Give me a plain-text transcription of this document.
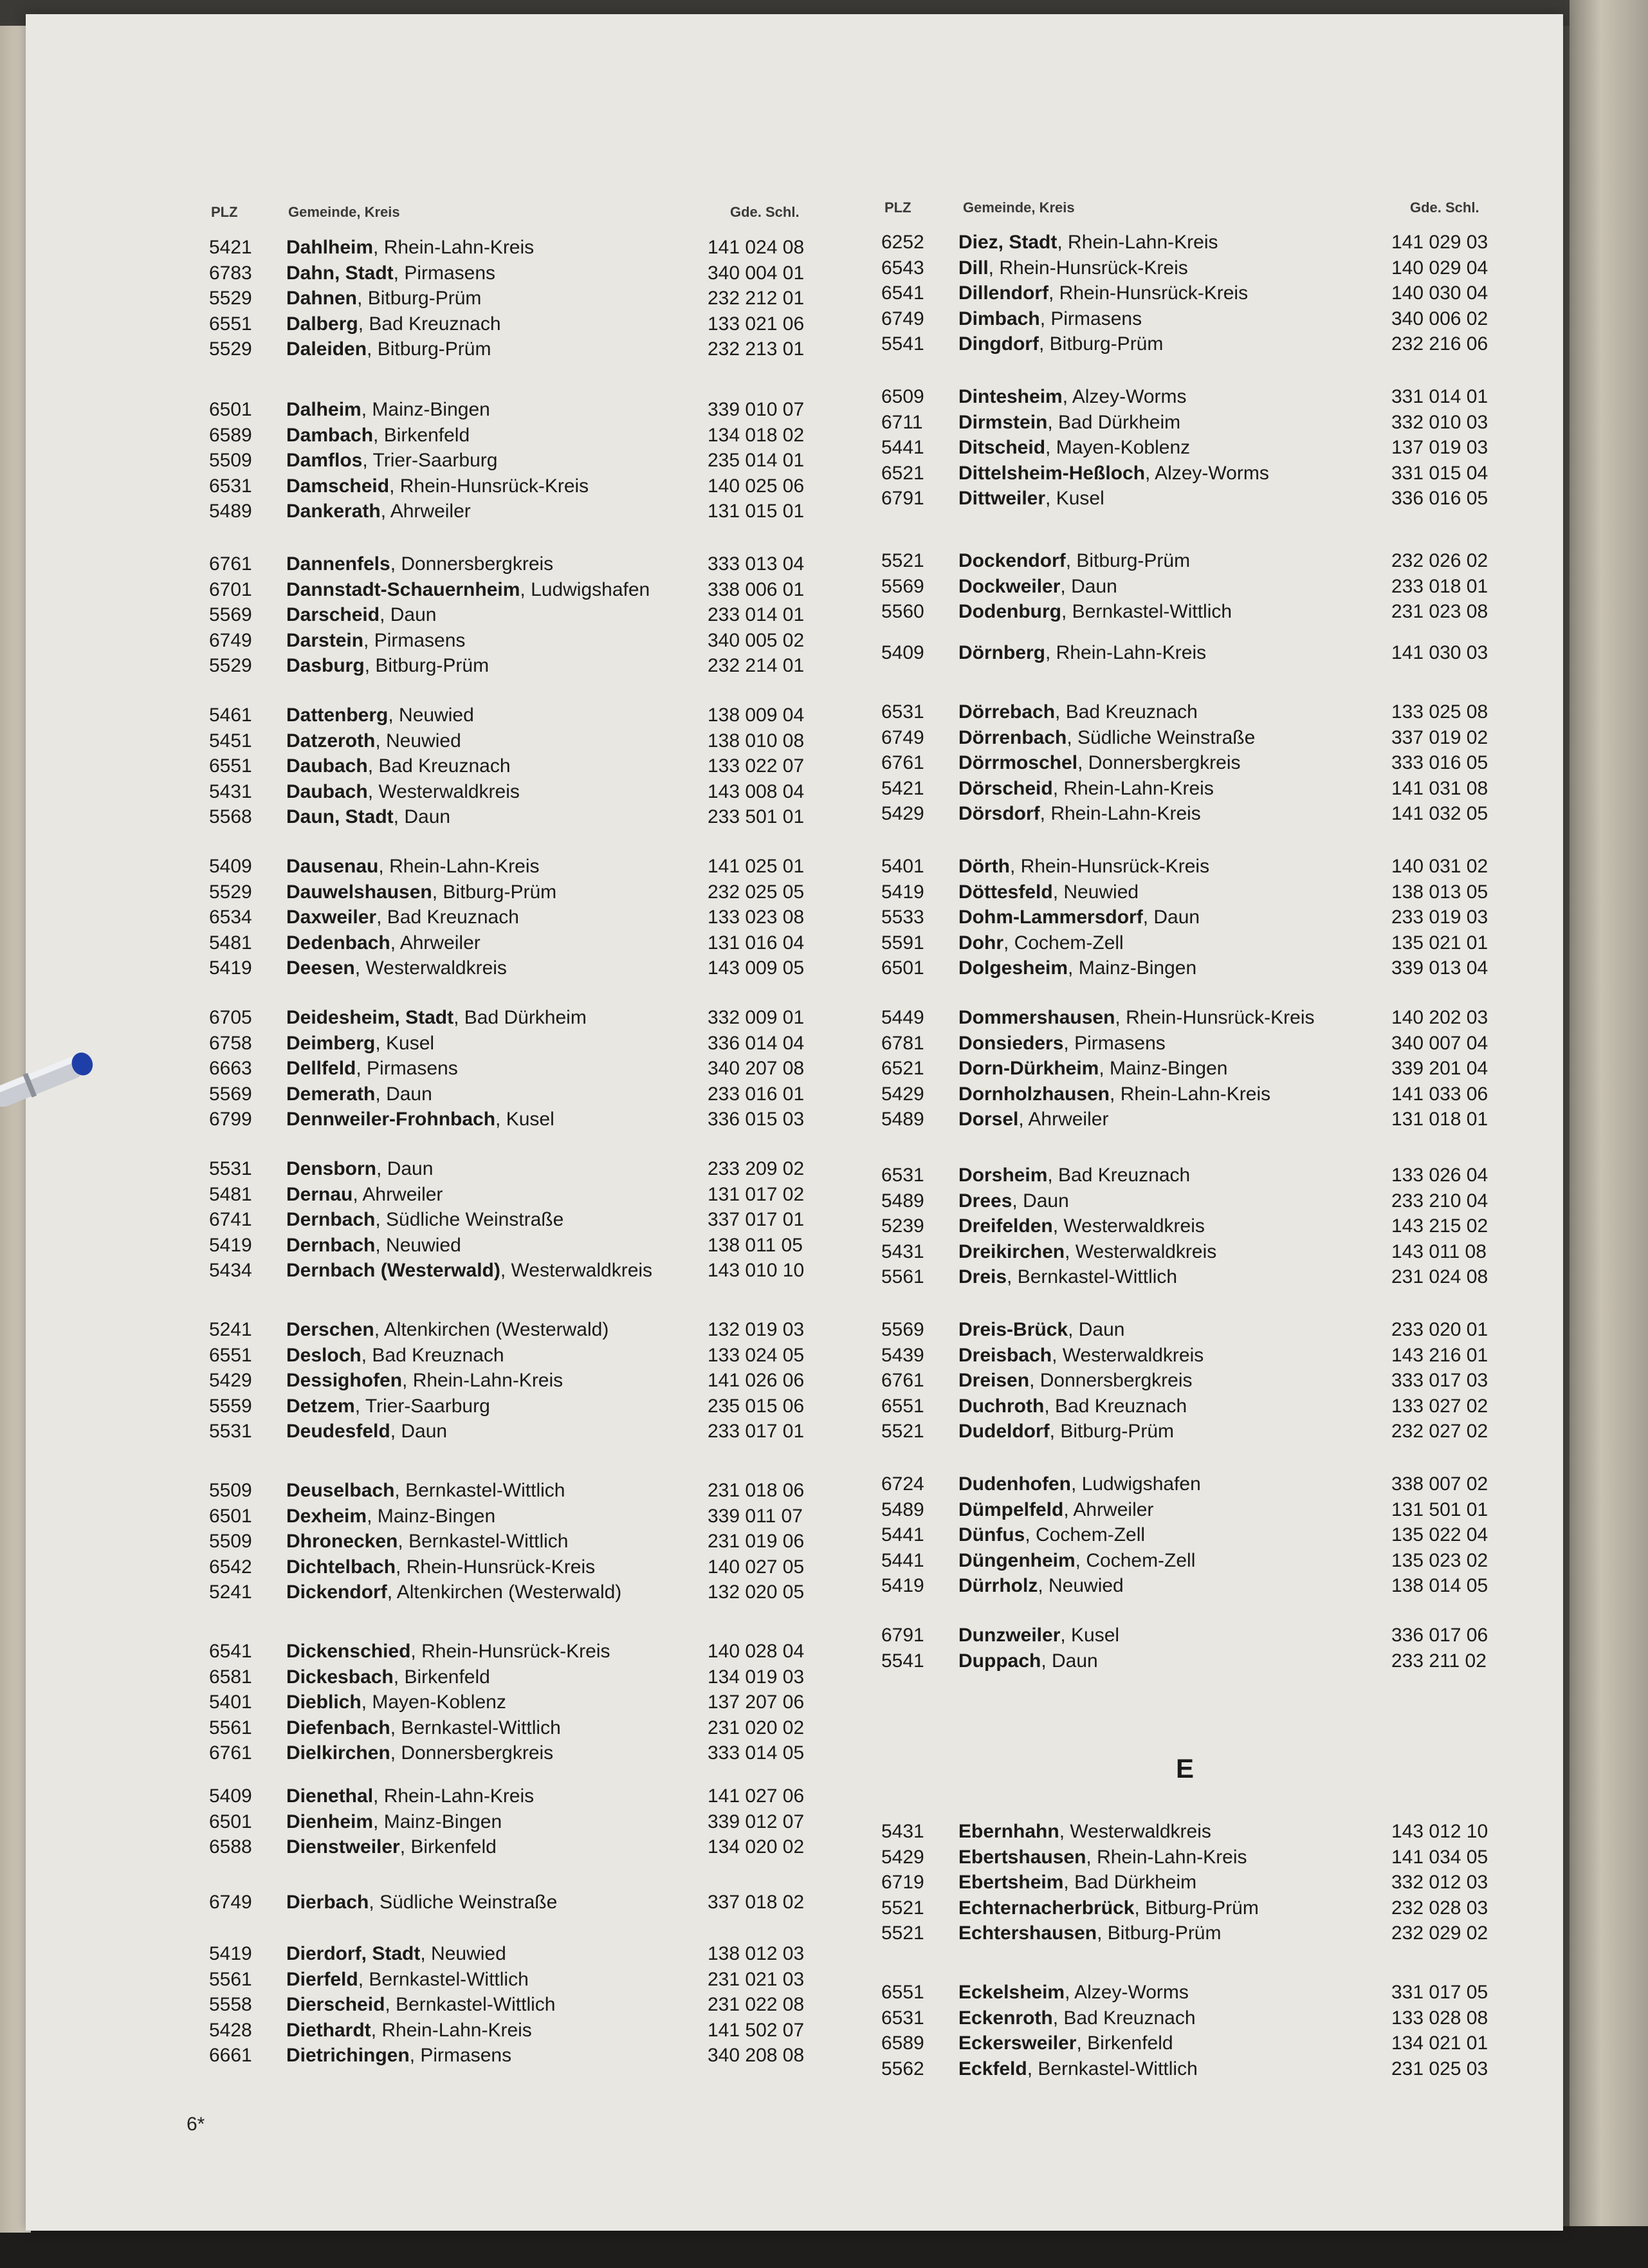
PLZ	Gemeinde, Kreis	Gde. Schl.	PLZ	Gemeinde, Kreis	Gde. Schl.
5421 Dahlheim, Rhein-Lahn-Kreis	141 024 08
6783 Dahn, Stadt, Pirmasens	340 004 01
5529 Dahnen, Bitburg-Prüm	232 212 01
6551 Dalberg, Bad Kreuznach	133 021 06
5529 Daleiden, Bitburg-Prüm	232 213 01
6501 Dalheim, Mainz-Bingen	339 010 07
6589 Dambach, Birkenfeld	134 018 02
5509 Damflos, Trier-Saarburg	235 014 01
6531 Damscheid, Rhein-Hunsrück-Kreis	140 025 06
5489 Dankerath, Ahrweiler	131 015 01
6761 Dannenfels, Donnersbergkreis	333 013 04
6701 Dannstadt-Schauernheim, Ludwigshafen	338 006 01
5569 Darscheid, Daun	233 014 01
6749 Darstein, Pirmasens	340 005 02
5529 Dasburg, Bitburg-Prüm	232 214 01
5461 Dattenberg, Neuwied	138 009 04
5451 Datzeroth, Neuwied	138 010 08
6551 Daubach, Bad Kreuznach	133 022 07
5431 Daubach, Westerwaldkreis	143 008 04
5568 Daun, Stadt, Daun	233 501 01
5409 Dausenau, Rhein-Lahn-Kreis	141 025 01
5529 Dauwelshausen, Bitburg-Prüm	232 025 05
6534 Daxweiler, Bad Kreuznach	133 023 08
5481 Dedenbach, Ahrweiler	131 016 04
5419 Deesen, Westerwaldkreis	143 009 05
6705 Deidesheim, Stadt, Bad Dürkheim	332 009 01
6758 Deimberg, Kusel	336 014 04
6663 Dellfeld, Pirmasens	340 207 08
5569 Demerath, Daun	233 016 01
6799 Dennweiler-Frohnbach, Kusel	336 015 03
5531 Densborn, Daun	233 209 02
5481 Dernau, Ahrweiler	131 017 02
6741 Dernbach, Südliche Weinstraße	337 017 01
5419 Dernbach, Neuwied	138 011 05
5434 Dernbach (Westerwald), Westerwaldkreis	143 010 10
5241 Derschen, Altenkirchen (Westerwald)	132 019 03
6551 Desloch, Bad Kreuznach	133 024 05
5429 Dessighofen, Rhein-Lahn-Kreis	141 026 06
5559 Detzem, Trier-Saarburg	235 015 06
5531 Deudesfeld, Daun	233 017 01
5509 Deuselbach, Bernkastel-Wittlich	231 018 06
6501 Dexheim, Mainz-Bingen	339 011 07
5509 Dhronecken, Bernkastel-Wittlich	231 019 06
6542 Dichtelbach, Rhein-Hunsrück-Kreis	140 027 05
5241 Dickendorf, Altenkirchen (Westerwald)	132 020 05
6541 Dickenschied, Rhein-Hunsrück-Kreis	140 028 04
6581 Dickesbach, Birkenfeld	134 019 03
5401 Dieblich, Mayen-Koblenz	137 207 06
5561 Diefenbach, Bernkastel-Wittlich	231 020 02
6761 Dielkirchen, Donnersbergkreis	333 014 05
5409 Dienethal, Rhein-Lahn-Kreis	141 027 06
6501 Dienheim, Mainz-Bingen	339 012 07
6588 Dienstweiler, Birkenfeld	134 020 02
6749 Dierbach, Südliche Weinstraße	337 018 02
5419 Dierdorf, Stadt, Neuwied	138 012 03
5561 Dierfeld, Bernkastel-Wittlich	231 021 03
5558 Dierscheid, Bernkastel-Wittlich	231 022 08
5428 Diethardt, Rhein-Lahn-Kreis	141 502 07
6661 Dietrichingen, Pirmasens	340 208 08
6252 Diez, Stadt, Rhein-Lahn-Kreis	141 029 03
6543 Dill, Rhein-Hunsrück-Kreis	140 029 04
6541 Dillendorf, Rhein-Hunsrück-Kreis	140 030 04
6749 Dimbach, Pirmasens	340 006 02
5541 Dingdorf, Bitburg-Prüm	232 216 06
6509 Dintesheim, Alzey-Worms	331 014 01
6711 Dirmstein, Bad Dürkheim	332 010 03
5441 Ditscheid, Mayen-Koblenz	137 019 03
6521 Dittelsheim-Heßloch, Alzey-Worms	331 015 04
6791 Dittweiler, Kusel	336 016 05
5521 Dockendorf, Bitburg-Prüm	232 026 02
5569 Dockweiler, Daun	233 018 01
5560 Dodenburg, Bernkastel-Wittlich	231 023 08
5409 Dörnberg, Rhein-Lahn-Kreis	141 030 03
6531 Dörrebach, Bad Kreuznach	133 025 08
6749 Dörrenbach, Südliche Weinstraße	337 019 02
6761 Dörrmoschel, Donnersbergkreis	333 016 05
5421 Dörscheid, Rhein-Lahn-Kreis	141 031 08
5429 Dörsdorf, Rhein-Lahn-Kreis	141 032 05
5401 Dörth, Rhein-Hunsrück-Kreis	140 031 02
5419 Döttesfeld, Neuwied	138 013 05
5533 Dohm-Lammersdorf, Daun	233 019 03
5591 Dohr, Cochem-Zell	135 021 01
6501 Dolgesheim, Mainz-Bingen	339 013 04
5449 Dommershausen, Rhein-Hunsrück-Kreis	140 202 03
6781 Donsieders, Pirmasens	340 007 04
6521 Dorn-Dürkheim, Mainz-Bingen	339 201 04
5429 Dornholzhausen, Rhein-Lahn-Kreis	141 033 06
5489 Dorsel, Ahrweiler	131 018 01
6531 Dorsheim, Bad Kreuznach	133 026 04
5489 Drees, Daun	233 210 04
5239 Dreifelden, Westerwaldkreis	143 215 02
5431 Dreikirchen, Westerwaldkreis	143 011 08
5561 Dreis, Bernkastel-Wittlich	231 024 08
5569 Dreis-Brück, Daun	233 020 01
5439 Dreisbach, Westerwaldkreis	143 216 01
6761 Dreisen, Donnersbergkreis	333 017 03
6551 Duchroth, Bad Kreuznach	133 027 02
5521 Dudeldorf, Bitburg-Prüm	232 027 02
6724 Dudenhofen, Ludwigshafen	338 007 02
5489 Dümpelfeld, Ahrweiler	131 501 01
5441 Dünfus, Cochem-Zell	135 022 04
5441 Düngenheim, Cochem-Zell	135 023 02
5419 Dürrholz, Neuwied	138 014 05
6791 Dunzweiler, Kusel	336 017 06
5541 Duppach, Daun	233 211 02
5431 Ebernhahn, Westerwaldkreis	143 012 10
5429 Ebertshausen, Rhein-Lahn-Kreis	141 034 05
6719 Ebertsheim, Bad Dürkheim	332 012 03
5521 Echternacherbrück, Bitburg-Prüm	232 028 03
5521 Echtershausen, Bitburg-Prüm	232 029 02
6551 Eckelsheim, Alzey-Worms	331 017 05
6531 Eckenroth, Bad Kreuznach	133 028 08
6589 Eckersweiler, Birkenfeld	134 021 01
5562 Eckfeld, Bernkastel-Wittlich	231 025 03
E
6*
